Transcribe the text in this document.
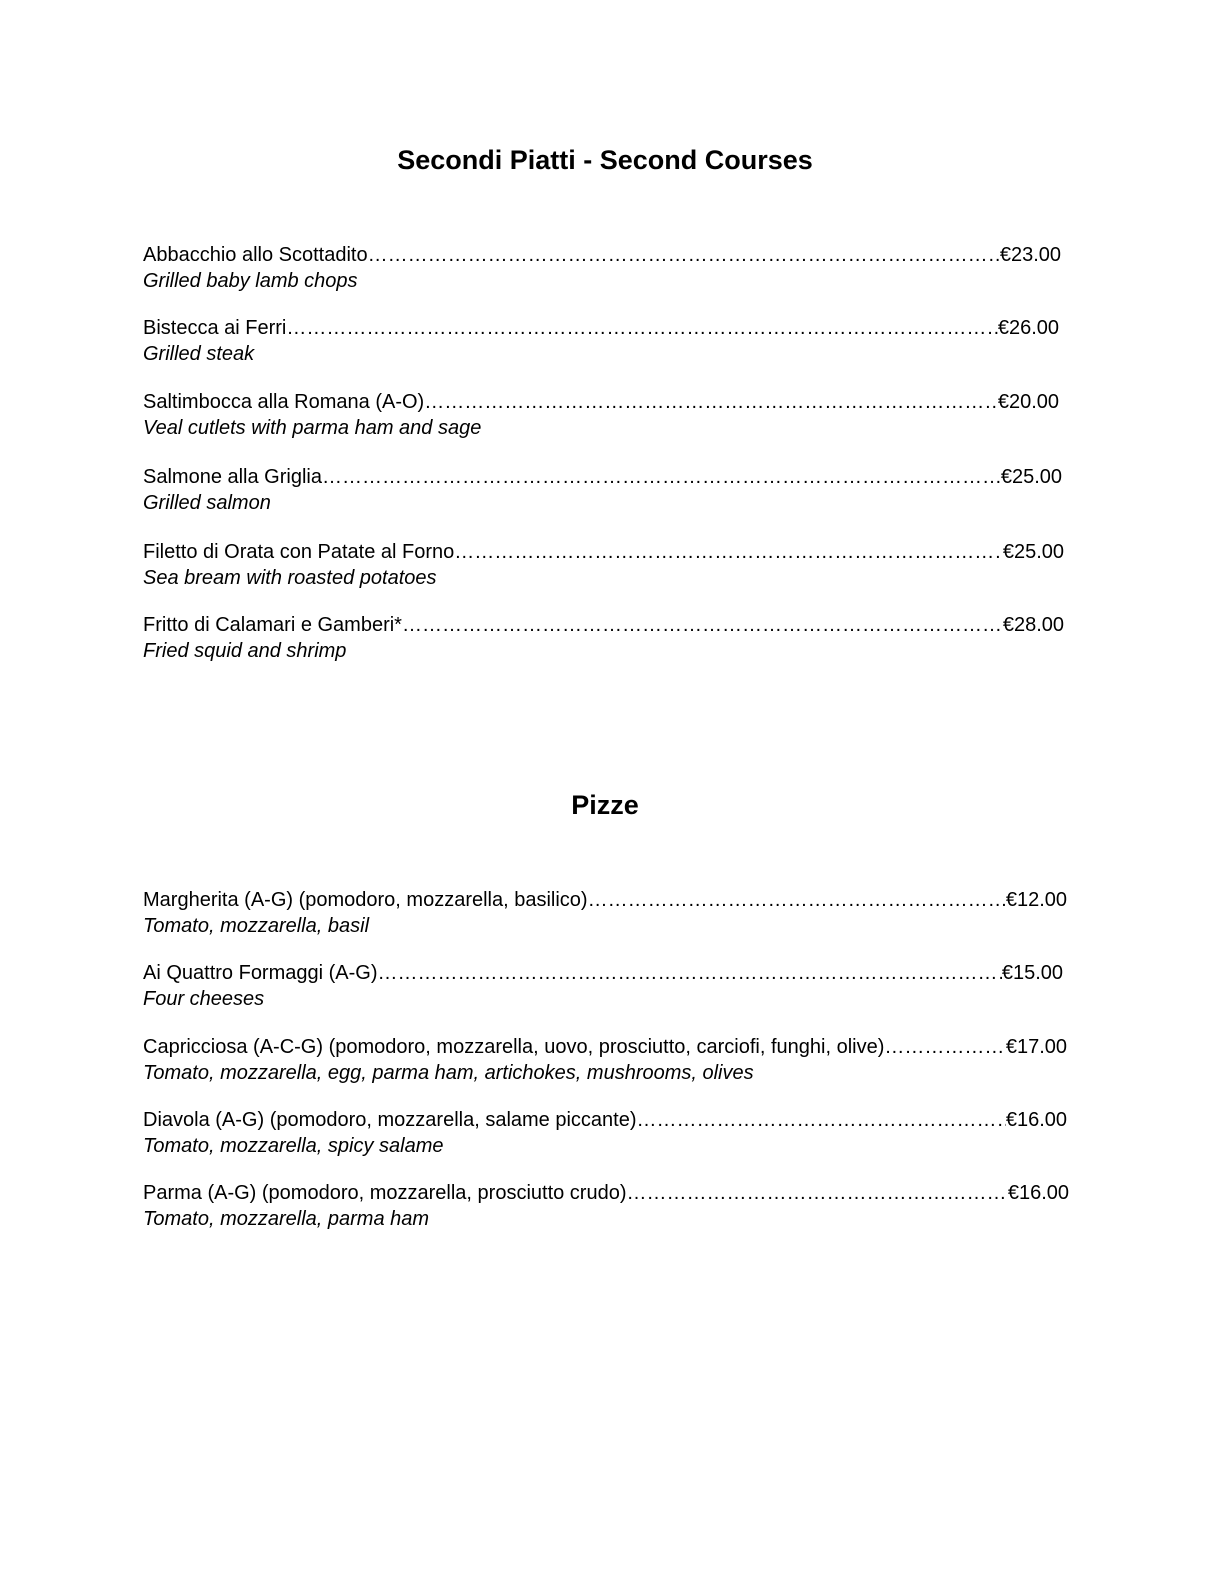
Secondi Piatti - Second Courses
Abbacchio allo Scottadito ………………………………………………………………………………………………………………………………………………………………………………………………………………………………………………………………	€23.00
Grilled baby lamb chops
Bistecca ai Ferri ………………………………………………………………………………………………………………………………………………………………………………………………………………………………………………………………	€26.00
Grilled steak
Saltimbocca alla Romana (A-O) ………………………………………………………………………………………………………………………………………………………………………………………………………………………………………………………………	€20.00
Veal cutlets with parma ham and sage
Salmone alla Griglia ………………………………………………………………………………………………………………………………………………………………………………………………………………………………………………………………	€25.00
Grilled salmon
Filetto di Orata con Patate al Forno ………………………………………………………………………………………………………………………………………………………………………………………………………………………………………………………………	€25.00
Sea bream with roasted potatoes
Fritto di Calamari e Gamberi* ………………………………………………………………………………………………………………………………………………………………………………………………………………………………………………………………	€28.00
Fried squid and shrimp
Pizze
Margherita (A-G) (pomodoro, mozzarella, basilico) ………………………………………………………………………………………………………………………………………………………………………………………………………………………………………………………………	€12.00
Tomato, mozzarella, basil
Ai Quattro Formaggi (A-G) ………………………………………………………………………………………………………………………………………………………………………………………………………………………………………………………………	€15.00
Four cheeses
Capricciosa (A-C-G) (pomodoro, mozzarella, uovo, prosciutto, carciofi, funghi, olive) ………………………………………………………………………………………………………………………………………………………………………………………………………………………………………………………………	€17.00
Tomato, mozzarella, egg, parma ham, artichokes, mushrooms, olives
Diavola (A-G) (pomodoro, mozzarella, salame piccante) ………………………………………………………………………………………………………………………………………………………………………………………………………………………………………………………………	€16.00
Tomato, mozzarella, spicy salame
Parma (A-G) (pomodoro, mozzarella, prosciutto crudo) ………………………………………………………………………………………………………………………………………………………………………………………………………………………………………………………………	€16.00
Tomato, mozzarella, parma ham
